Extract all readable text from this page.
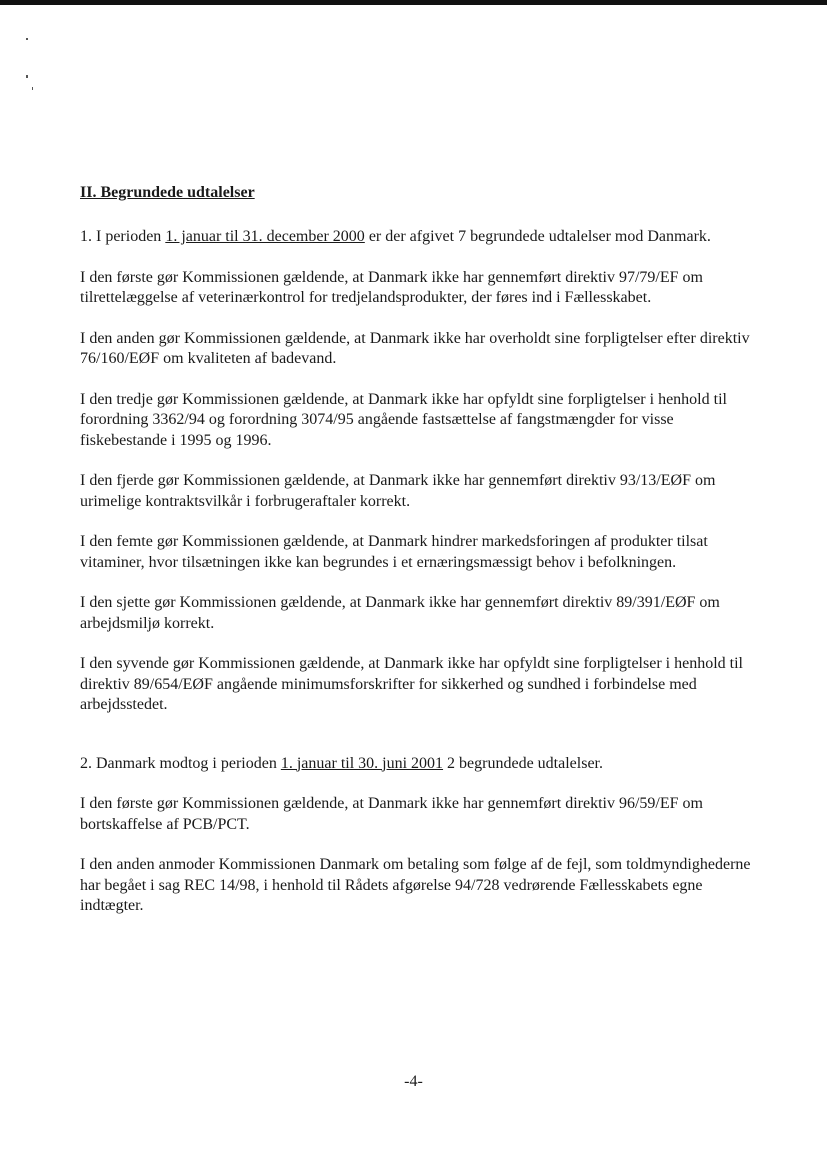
II. Begrundede udtalelser

1. I perioden 1. januar til 31. december 2000 er der afgivet 7 begrundede udtalelser mod Danmark.

I den første gør Kommissionen gældende, at Danmark ikke har gennemført direktiv 97/79/EF om tilrettelæggelse af veterinærkontrol for tredjelandsprodukter, der føres ind i Fællesskabet.

I den anden gør Kommissionen gældende, at Danmark ikke har overholdt sine forpligtelser efter direktiv 76/160/EØF om kvaliteten af badevand.

I den tredje gør Kommissionen gældende, at Danmark ikke har opfyldt sine forpligtelser i henhold til forordning 3362/94 og forordning 3074/95 angående fastsættelse af fangstmængder for visse fiskebestande i 1995 og 1996.

I den fjerde gør Kommissionen gældende, at Danmark ikke har gennemført direktiv 93/13/EØF om urimelige kontraktsvilkår i forbrugeraftaler korrekt.

I den femte gør Kommissionen gældende, at Danmark hindrer markedsforingen af produkter tilsat vitaminer, hvor tilsætningen ikke kan begrundes i et ernæringsmæssigt behov i befolkningen.

I den sjette gør Kommissionen gældende, at Danmark ikke har gennemført direktiv 89/391/EØF om arbejdsmiljø korrekt.

I den syvende gør Kommissionen gældende, at Danmark ikke har opfyldt sine forpligtelser i henhold til direktiv 89/654/EØF angående minimumsforskrifter for sikkerhed og sundhed i forbindelse med arbejdsstedet.

2. Danmark modtog i perioden 1. januar til 30. juni 2001 2 begrundede udtalelser.

I den første gør Kommissionen gældende, at Danmark ikke har gennemført direktiv 96/59/EF om bortskaffelse af PCB/PCT.

I den anden anmoder Kommissionen Danmark om betaling som følge af de fejl, som toldmyndighederne har begået i sag REC 14/98, i henhold til Rådets afgørelse 94/728 vedrørende Fællesskabets egne indtægter.

-4-
